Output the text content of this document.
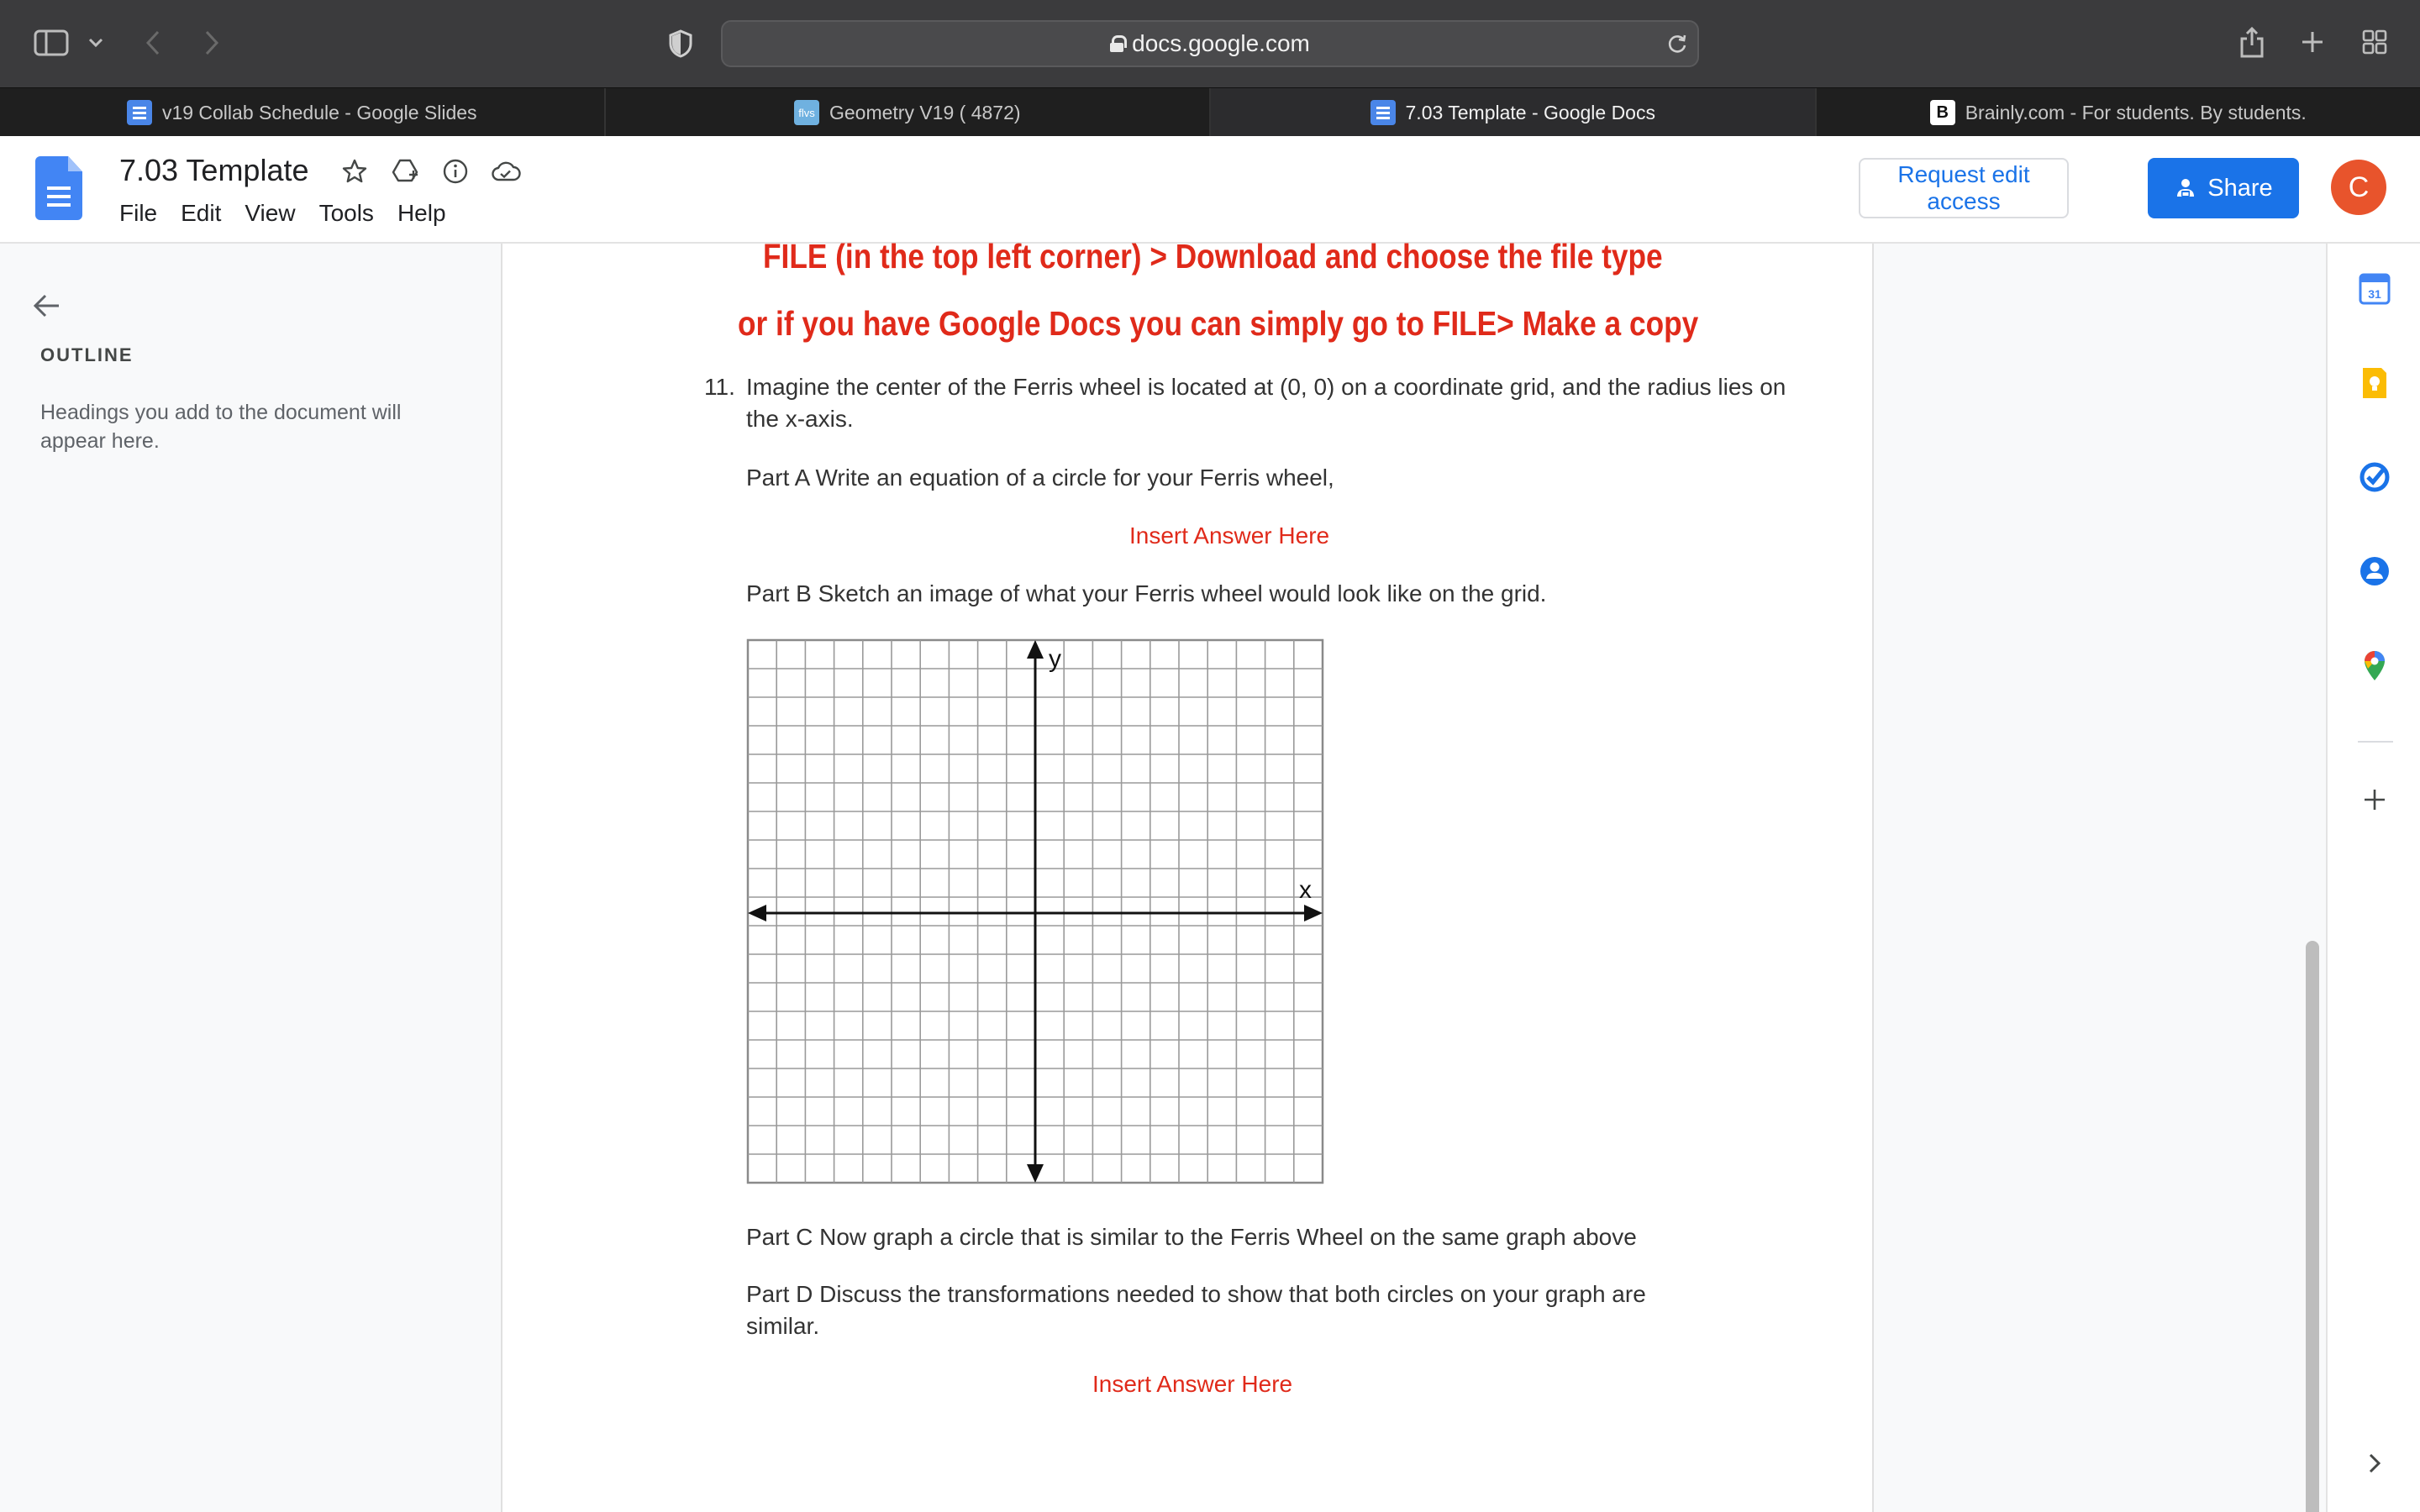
docs.google.com
v19 Collab Schedule - Google Slides	flvs Geometry V19 ( 4872)	7.03 Template - Google Docs	B Brainly.com - For students. By students.
7.03 Template
File	Edit	View	Tools	Help
Request edit access	Share	C
OUTLINE
Headings you add to the document will appear here.
FILE (in the top left corner) > Download and choose the file type
or if you have Google Docs you can simply go to FILE> Make a copy
11. Imagine the center of the Ferris wheel is located at (0, 0) on a coordinate grid, and the radius lies on the x-axis.
Part A Write an equation of a circle for your Ferris wheel,
Insert Answer Here
Part B Sketch an image of what your Ferris wheel would look like on the grid.
x
y
Part C Now graph a circle that is similar to the Ferris Wheel on the same graph above
Part D Discuss the transformations needed to show that both circles on your graph are similar.
Insert Answer Here
31
